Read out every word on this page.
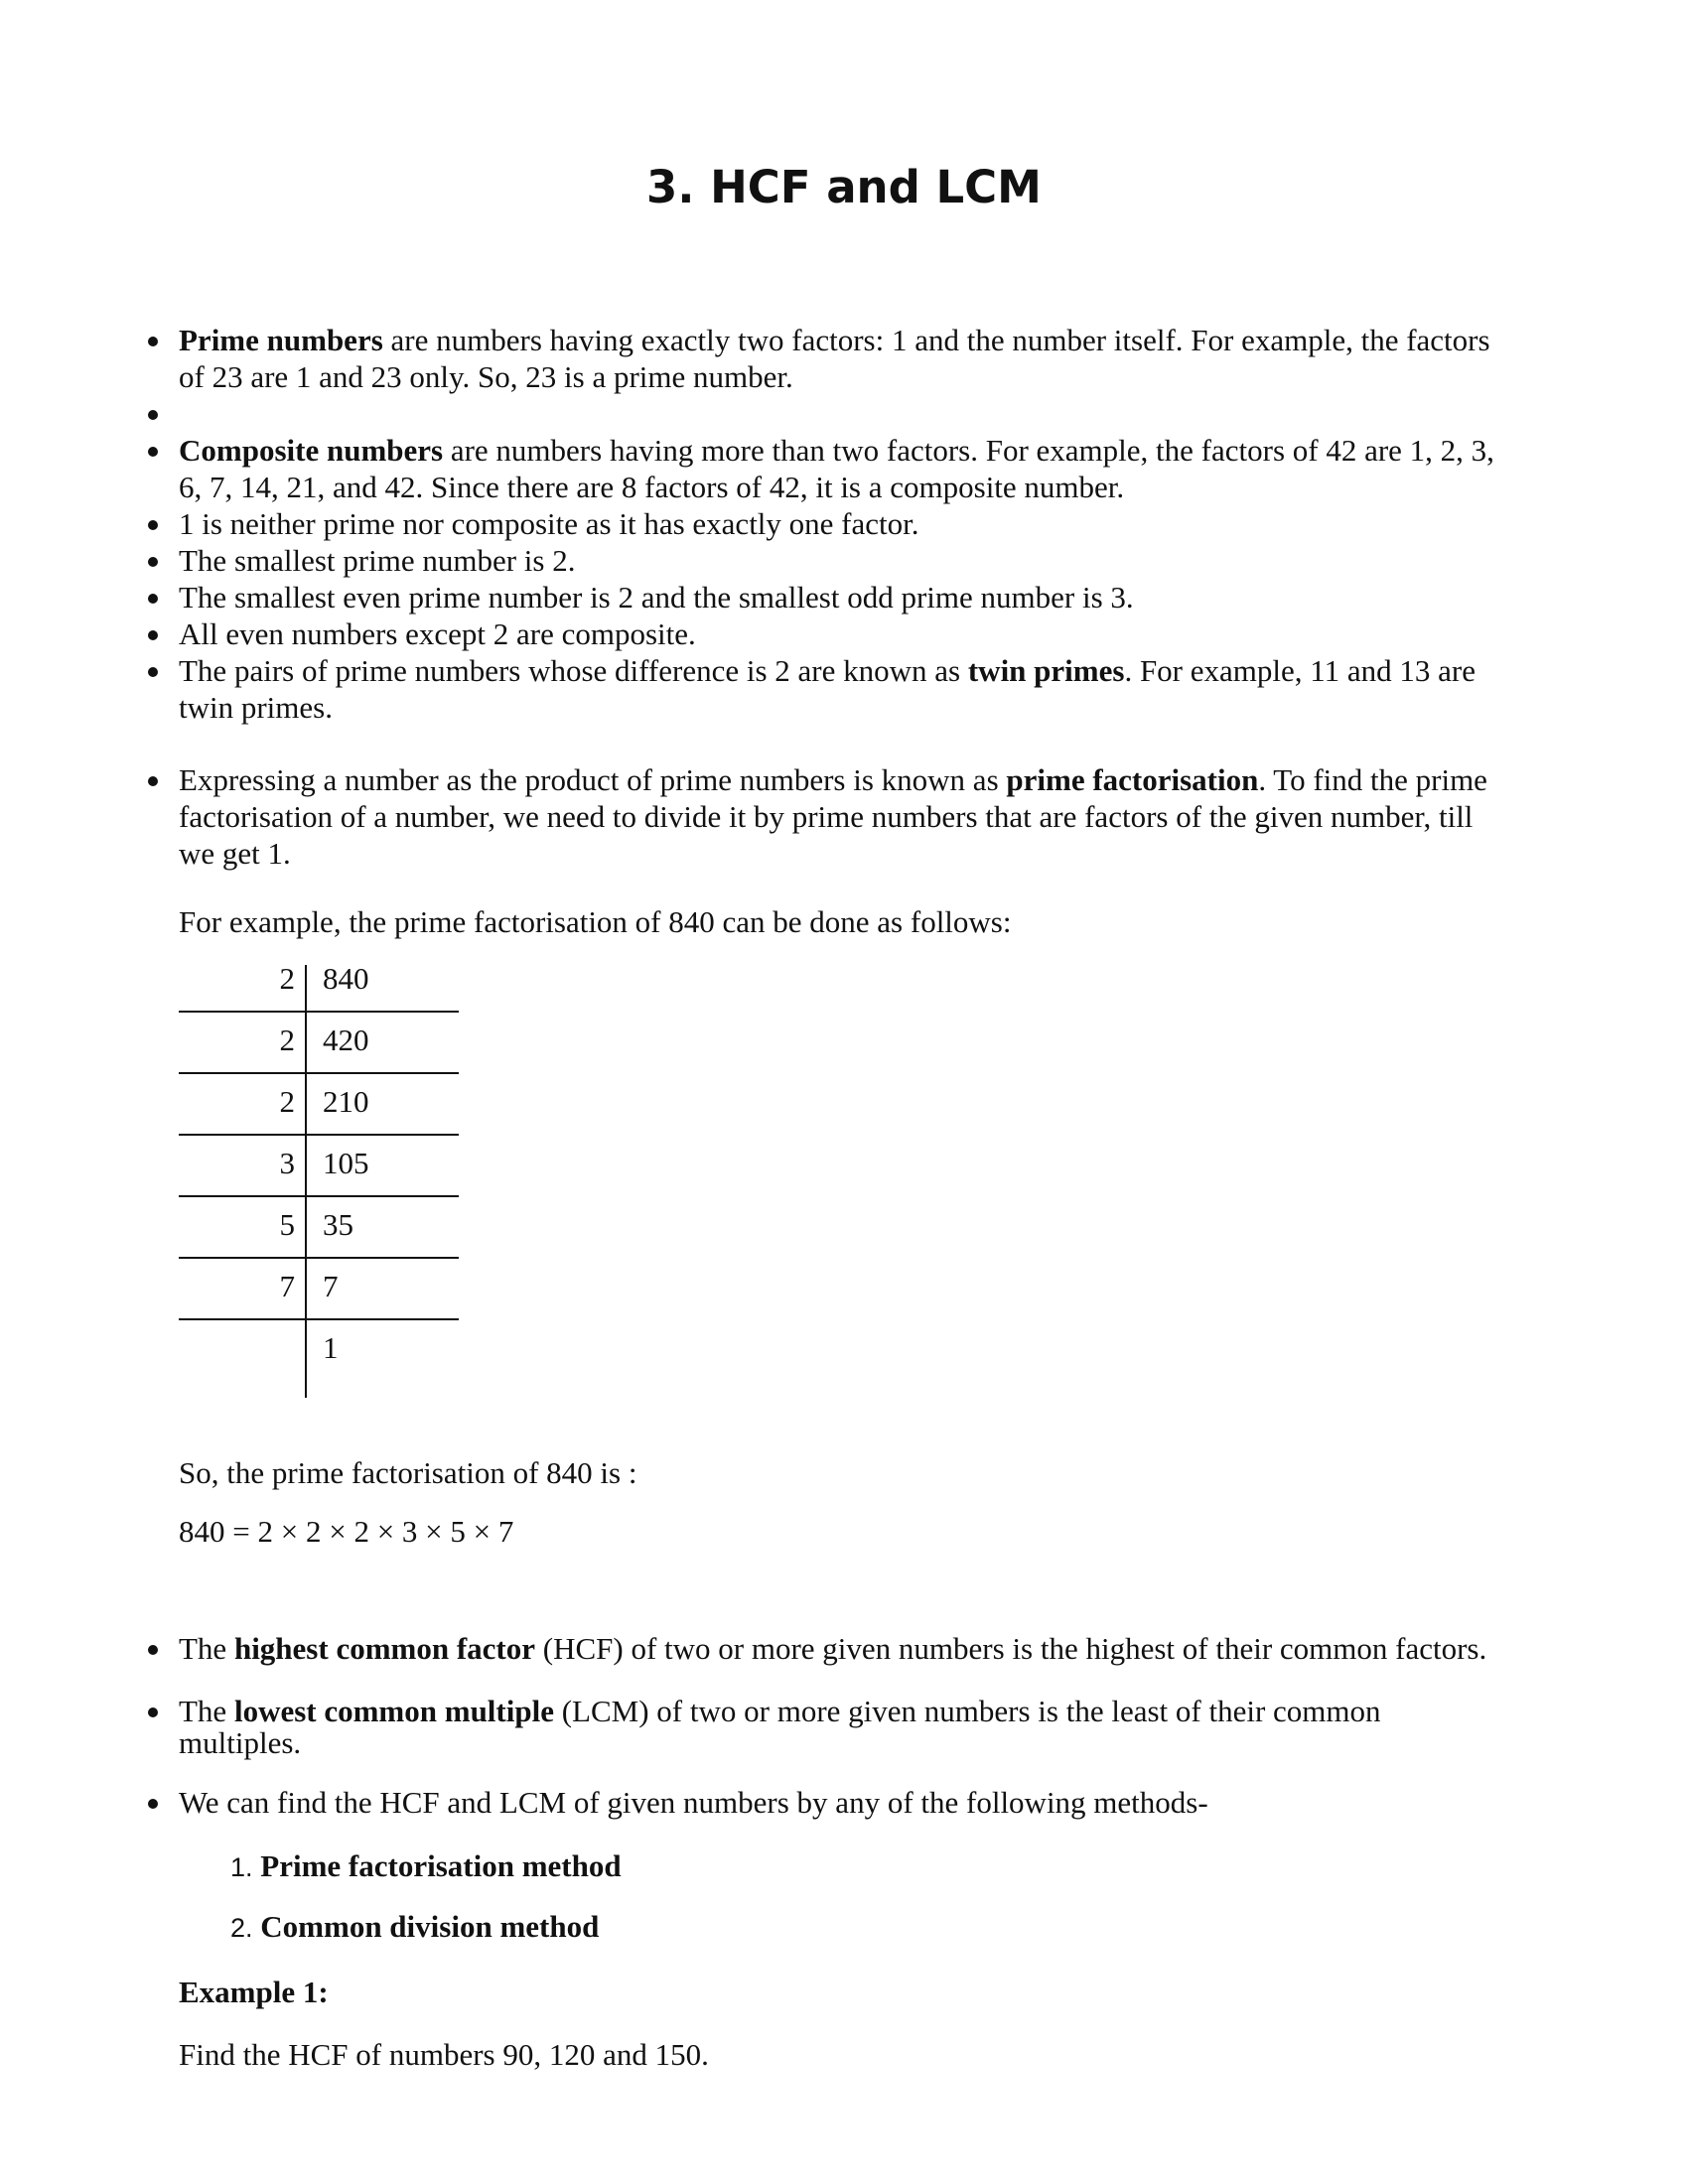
3. HCF and LCM
Prime numbers are numbers having exactly two factors: 1 and the number itself. For example, the factors
of 23 are 1 and 23 only. So, 23 is a prime number.
Composite numbers are numbers having more than two factors. For example, the factors of 42 are 1, 2, 3,
6, 7, 14, 21, and 42. Since there are 8 factors of 42, it is a composite number.
1 is neither prime nor composite as it has exactly one factor.
The smallest prime number is 2.
The smallest even prime number is 2 and the smallest odd prime number is 3.
All even numbers except 2 are composite.
The pairs of prime numbers whose difference is 2 are known as twin primes. For example, 11 and 13 are
twin primes.
Expressing a number as the product of prime numbers is known as prime factorisation. To find the prime
factorisation of a number, we need to divide it by prime numbers that are factors of the given number, till
we get 1.
For example, the prime factorisation of 840 can be done as follows:
2 840
2 420
2 210
3 105
5 35
7 7
1
So, the prime factorisation of 840 is :
840 = 2 × 2 × 2 × 3 × 5 × 7
The highest common factor (HCF) of two or more given numbers is the highest of their common factors.
The lowest common multiple (LCM) of two or more given numbers is the least of their common
multiples.
We can find the HCF and LCM of given numbers by any of the following methods-
1. Prime factorisation method
2. Common division method
Example 1:
Find the HCF of numbers 90, 120 and 150.
